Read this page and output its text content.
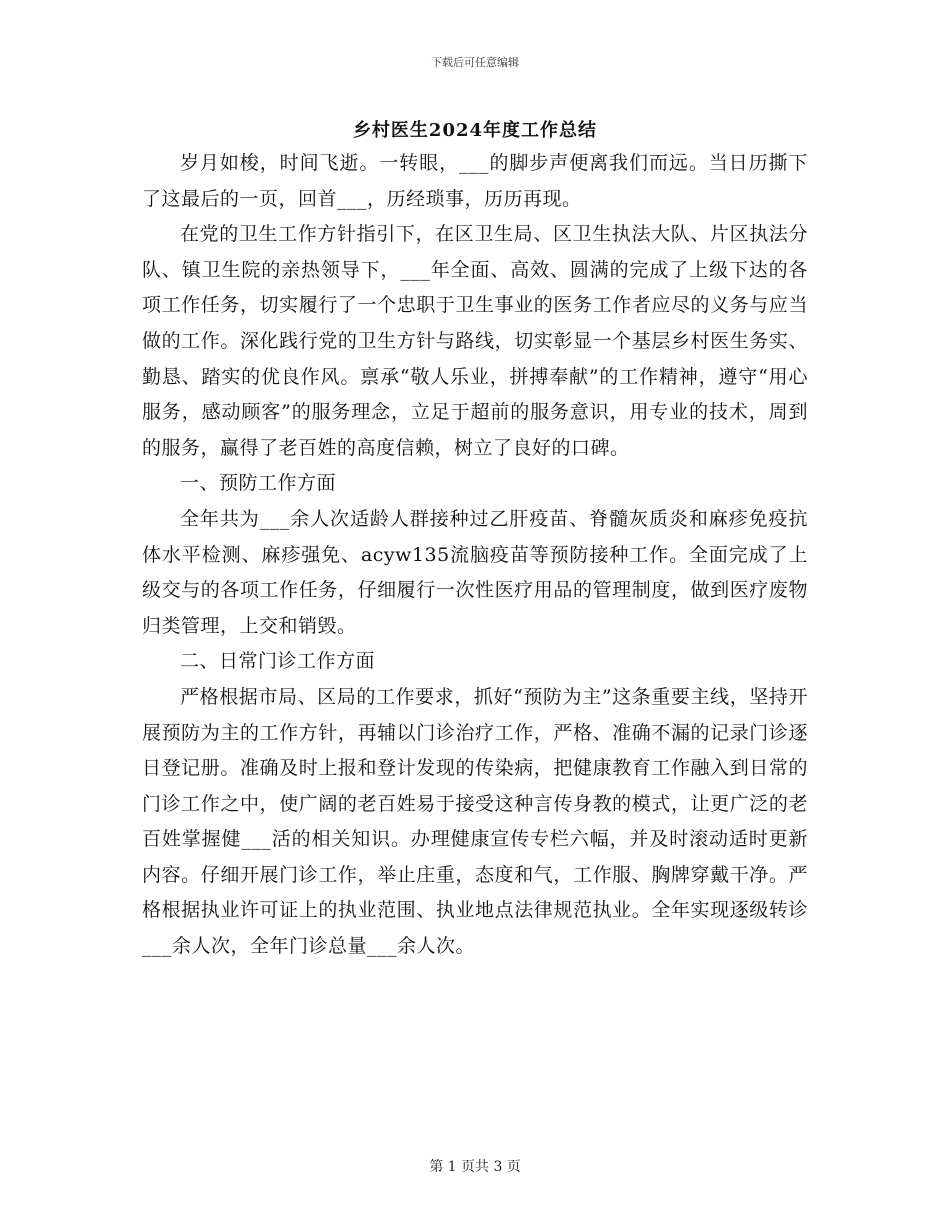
下载后可任意编辑
乡村医生2024年度工作总结

岁月如梭，时间飞逝。一转眼，___的脚步声便离我们而远。当日历撕下了这最后的一页，回首___，历经琐事，历历再现。

在党的卫生工作方针指引下，在区卫生局、区卫生执法大队、片区执法分队、镇卫生院的亲热领导下，___年全面、高效、圆满的完成了上级下达的各项工作任务，切实履行了一个忠职于卫生事业的医务工作者应尽的义务与应当做的工作。深化践行党的卫生方针与路线，切实彰显一个基层乡村医生务实、勤恳、踏实的优良作风。禀承“敬人乐业，拼搏奉献”的工作精神，遵守“用心服务，感动顾客”的服务理念，立足于超前的服务意识，用专业的技术，周到的服务，赢得了老百姓的高度信赖，树立了良好的口碑。

一、预防工作方面

全年共为___余人次适龄人群接种过乙肝疫苗、脊髓灰质炎和麻疹免疫抗体水平检测、麻疹强免、acyw135流脑疫苗等预防接种工作。全面完成了上级交与的各项工作任务，仔细履行一次性医疗用品的管理制度，做到医疗废物归类管理，上交和销毁。

二、日常门诊工作方面

严格根据市局、区局的工作要求，抓好“预防为主”这条重要主线，坚持开展预防为主的工作方针，再辅以门诊治疗工作，严格、准确不漏的记录门诊逐日登记册。准确及时上报和登计发现的传染病，把健康教育工作融入到日常的门诊工作之中，使广阔的老百姓易于接受这种言传身教的模式，让更广泛的老百姓掌握健___活的相关知识。办理健康宣传专栏六幅，并及时滚动适时更新内容。仔细开展门诊工作，举止庄重，态度和气，工作服、胸牌穿戴干净。严格根据执业许可证上的执业范围、执业地点法律规范执业。全年实现逐级转诊___余人次，全年门诊总量___余人次。

第 1 页共 3 页
